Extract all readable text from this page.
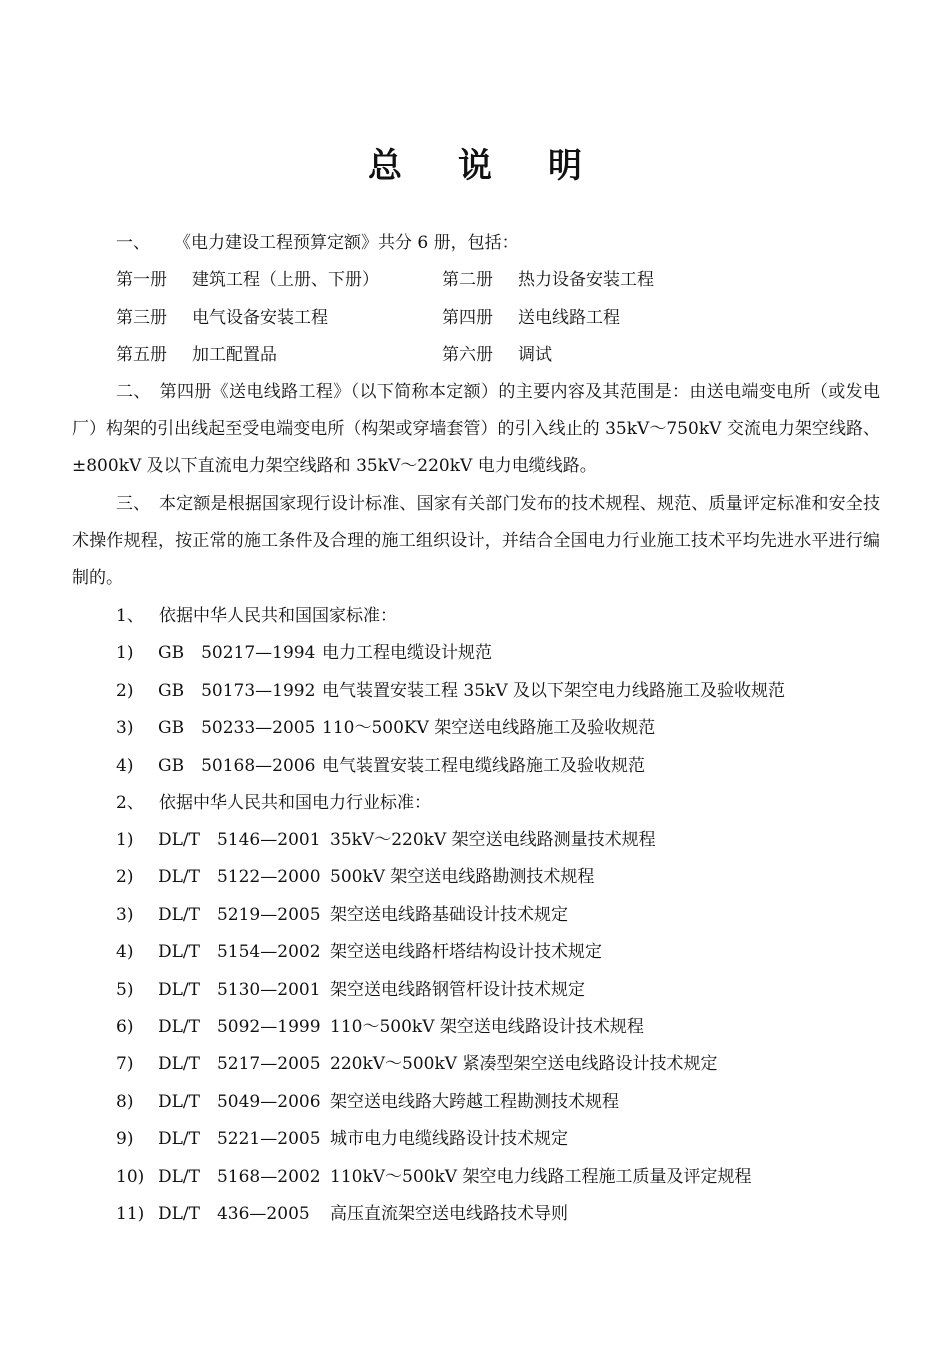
总 说 明
一、 《电力建设工程预算定额》共分 6 册，包括：
第一册 建筑工程（上册、下册）	第二册 热力设备安装工程
第三册 电气设备安装工程	第四册 送电线路工程
第五册 加工配置品	第六册 调试
二、　第四册《送电线路工程》（以下简称本定额）的主要内容及其范围是：由送电端变电所（或发电厂）构架的引出线起至受电端变电所（构架或穿墙套管）的引入线止的 35kV～750kV 交流电力架空线路、±800kV 及以下直流电力架空线路和 35kV～220kV 电力电缆线路。
三、　本定额是根据国家现行设计标准、国家有关部门发布的技术规程、规范、质量评定标准和安全技术操作规程，按正常的施工条件及合理的施工组织设计，并结合全国电力行业施工技术平均先进水平进行编制的。
1、 依据中华人民共和国国家标准：
1) GB　50217—1994 电力工程电缆设计规范
2) GB　50173—1992 电气装置安装工程 35kV 及以下架空电力线路施工及验收规范
3) GB　50233—2005 110～500KV 架空送电线路施工及验收规范
4) GB　50168—2006 电气装置安装工程电缆线路施工及验收规范
2、 依据中华人民共和国电力行业标准：
1) DL/T　5146—2001 35kV～220kV 架空送电线路测量技术规程
2) DL/T　5122—2000 500kV 架空送电线路勘测技术规程
3) DL/T　5219—2005 架空送电线路基础设计技术规定
4) DL/T　5154—2002 架空送电线路杆塔结构设计技术规定
5) DL/T　5130—2001 架空送电线路钢管杆设计技术规定
6) DL/T　5092—1999 110～500kV 架空送电线路设计技术规程
7) DL/T　5217—2005 220kV～500kV 紧凑型架空送电线路设计技术规定
8) DL/T　5049—2006 架空送电线路大跨越工程勘测技术规程
9) DL/T　5221—2005 城市电力电缆线路设计技术规定
10) DL/T　5168—2002 110kV～500kV 架空电力线路工程施工质量及评定规程
11) DL/T　436—2005 高压直流架空送电线路技术导则
